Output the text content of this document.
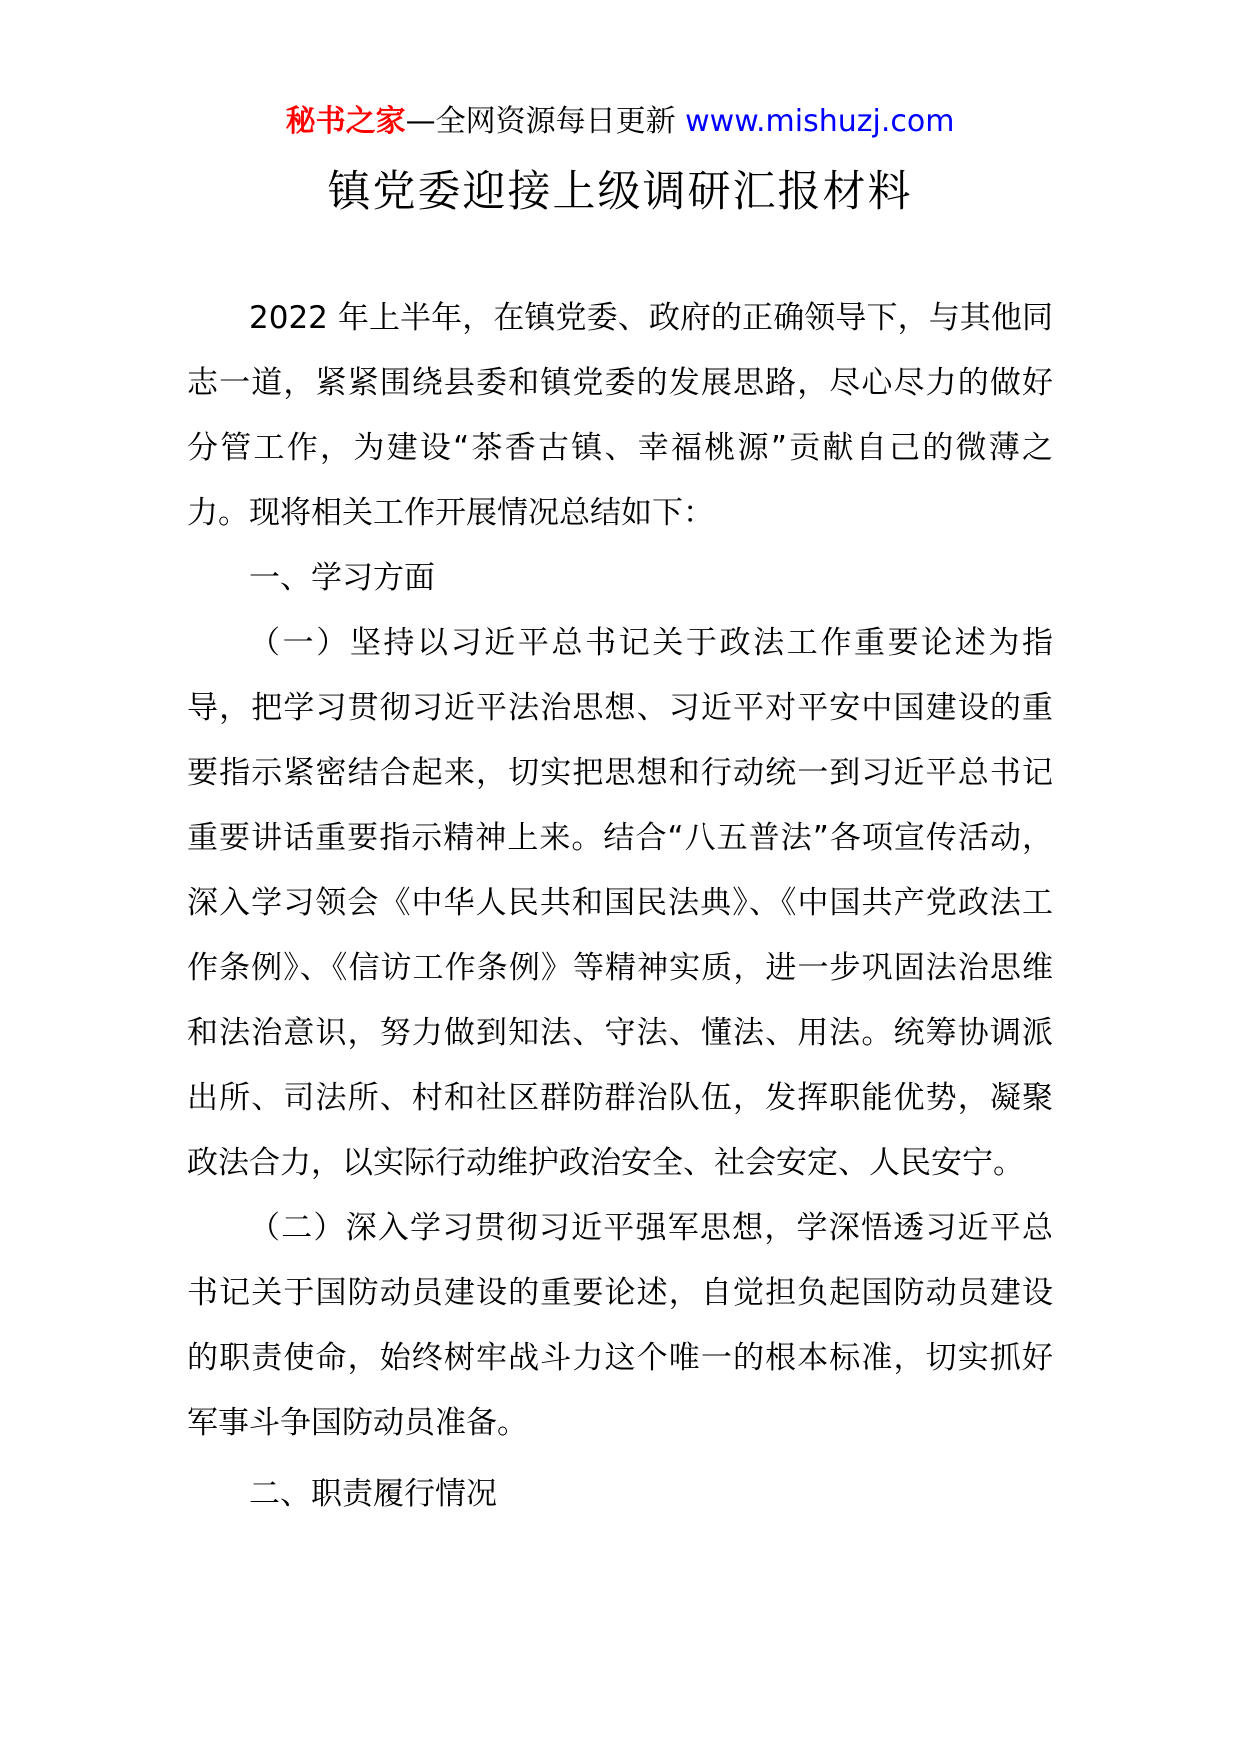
秘书之家—全网资源每日更新 www.mishuzj.com
镇党委迎接上级调研汇报材料

2022 年上半年，在镇党委、政府的正确领导下，与其他同志一道，紧紧围绕县委和镇党委的发展思路，尽心尽力的做好分管工作，为建设“茶香古镇、幸福桃源”贡献自己的微薄之力。现将相关工作开展情况总结如下：

一、学习方面

（一）坚持以习近平总书记关于政法工作重要论述为指导，把学习贯彻习近平法治思想、习近平对平安中国建设的重要指示紧密结合起来，切实把思想和行动统一到习近平总书记重要讲话重要指示精神上来。结合“八五普法”各项宣传活动，深入学习领会《中华人民共和国民法典》、《中国共产党政法工作条例》、《信访工作条例》等精神实质，进一步巩固法治思维和法治意识，努力做到知法、守法、懂法、用法。统筹协调派出所、司法所、村和社区群防群治队伍，发挥职能优势，凝聚政法合力，以实际行动维护政治安全、社会安定、人民安宁。

（二）深入学习贯彻习近平强军思想，学深悟透习近平总书记关于国防动员建设的重要论述，自觉担负起国防动员建设的职责使命，始终树牢战斗力这个唯一的根本标准，切实抓好军事斗争国防动员准备。

二、职责履行情况
